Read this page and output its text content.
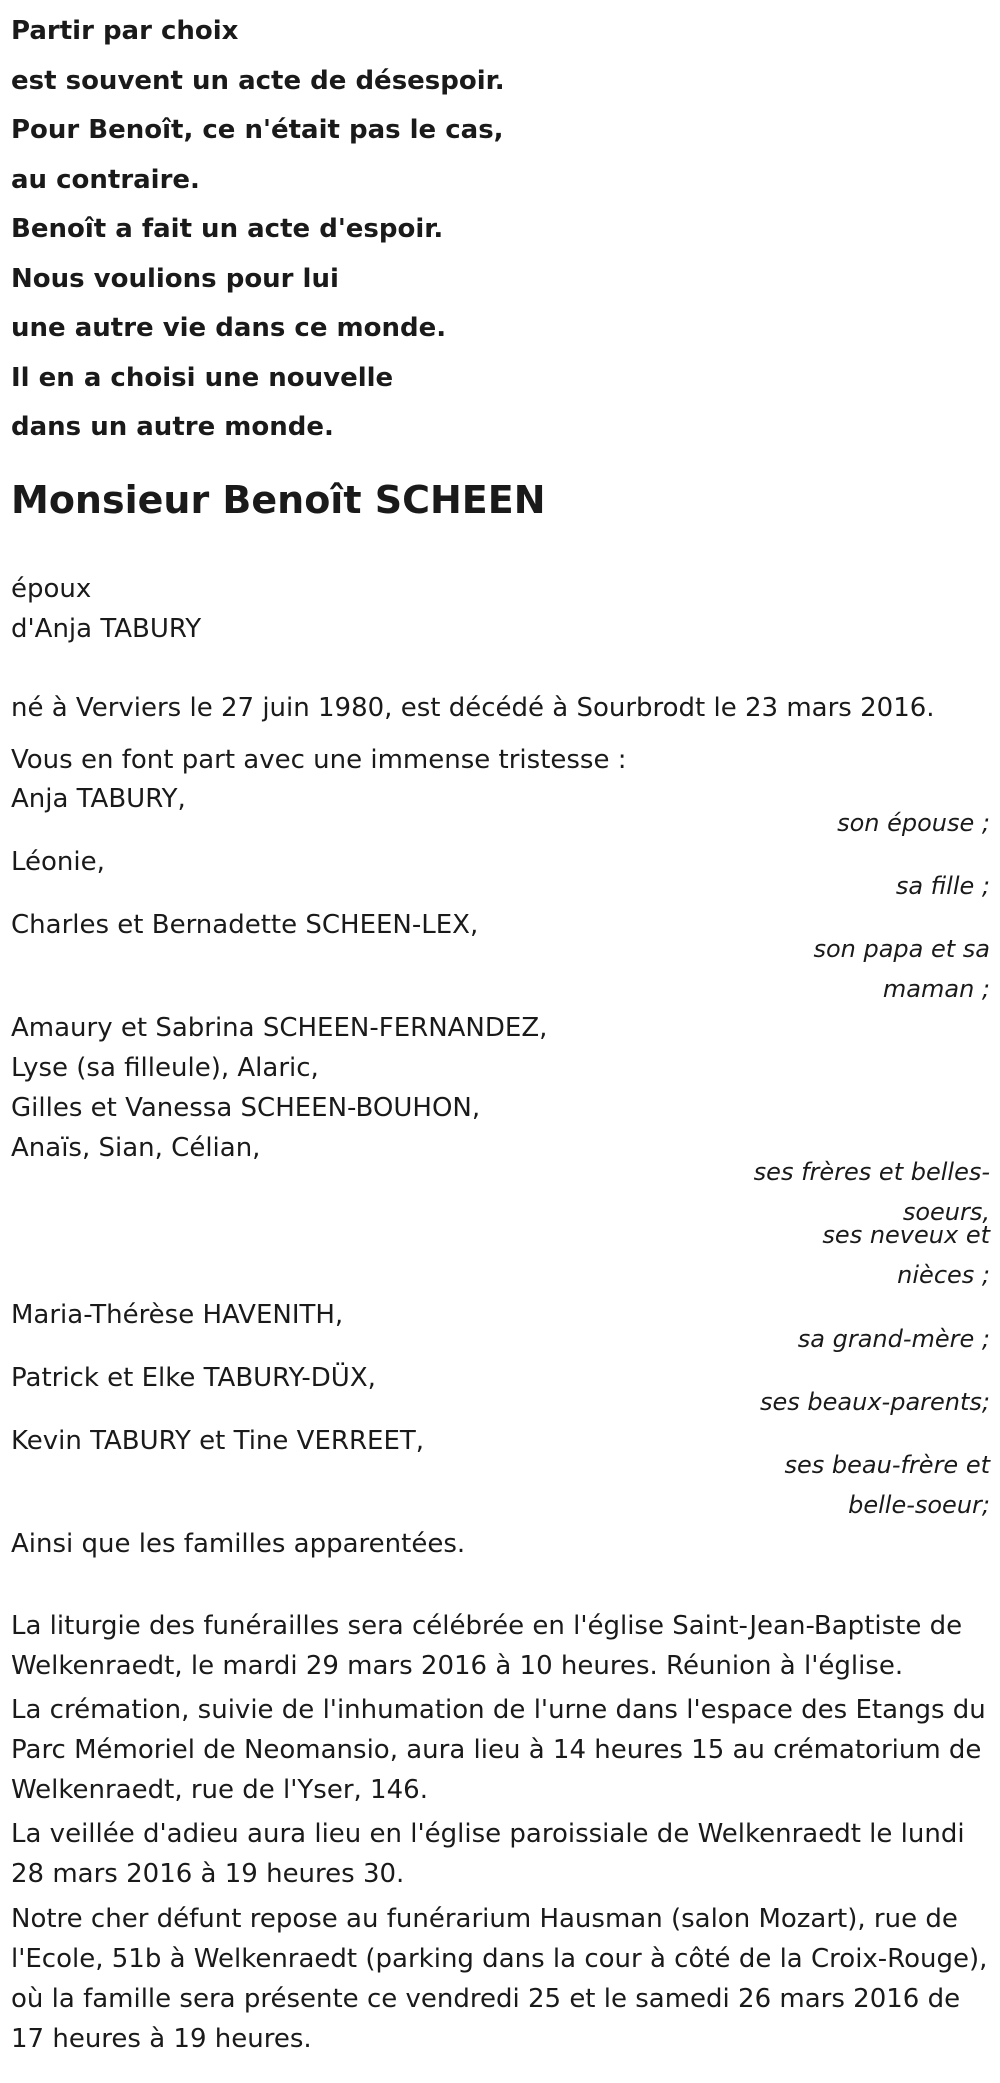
Partir par choix
est souvent un acte de désespoir.
Pour Benoît, ce n'était pas le cas,
au contraire.
Benoît a fait un acte d'espoir.
Nous voulions pour lui
une autre vie dans ce monde.
Il en a choisi une nouvelle
dans un autre monde.
Monsieur Benoît SCHEEN
époux
d'Anja TABURY
né à Verviers le 27 juin 1980, est décédé à Sourbrodt le 23 mars 2016.
Vous en font part avec une immense tristesse :
Anja TABURY,
son épouse ;
Léonie,
sa fille ;
Charles et Bernadette SCHEEN-LEX,
son papa et sa
maman ;
Amaury et Sabrina SCHEEN-FERNANDEZ,
Lyse (sa filleule), Alaric,
Gilles et Vanessa SCHEEN-BOUHON,
Anaïs, Sian, Célian,
ses frères et belles-
soeurs,
ses neveux et
nièces ;
Maria-Thérèse HAVENITH,
sa grand-mère ;
Patrick et Elke TABURY-DÜX,
ses beaux-parents;
Kevin TABURY et Tine VERREET,
ses beau-frère et
belle-soeur;
Ainsi que les familles apparentées.
La liturgie des funérailles sera célébrée en l'église Saint-Jean-Baptiste de Welkenraedt, le mardi 29 mars 2016 à 10 heures. Réunion à l'église.
La crémation, suivie de l'inhumation de l'urne dans l'espace des Etangs du Parc Mémoriel de Neomansio, aura lieu à 14 heures 15 au crématorium de Welkenraedt, rue de l'Yser, 146.
La veillée d'adieu aura lieu en l'église paroissiale de Welkenraedt le lundi 28 mars 2016 à 19 heures 30.
Notre cher défunt repose au funérarium Hausman (salon Mozart), rue de l'Ecole, 51b à Welkenraedt (parking dans la cour à côté de la Croix-Rouge), où la famille sera présente ce vendredi 25 et le samedi 26 mars 2016 de 17 heures à 19 heures.
